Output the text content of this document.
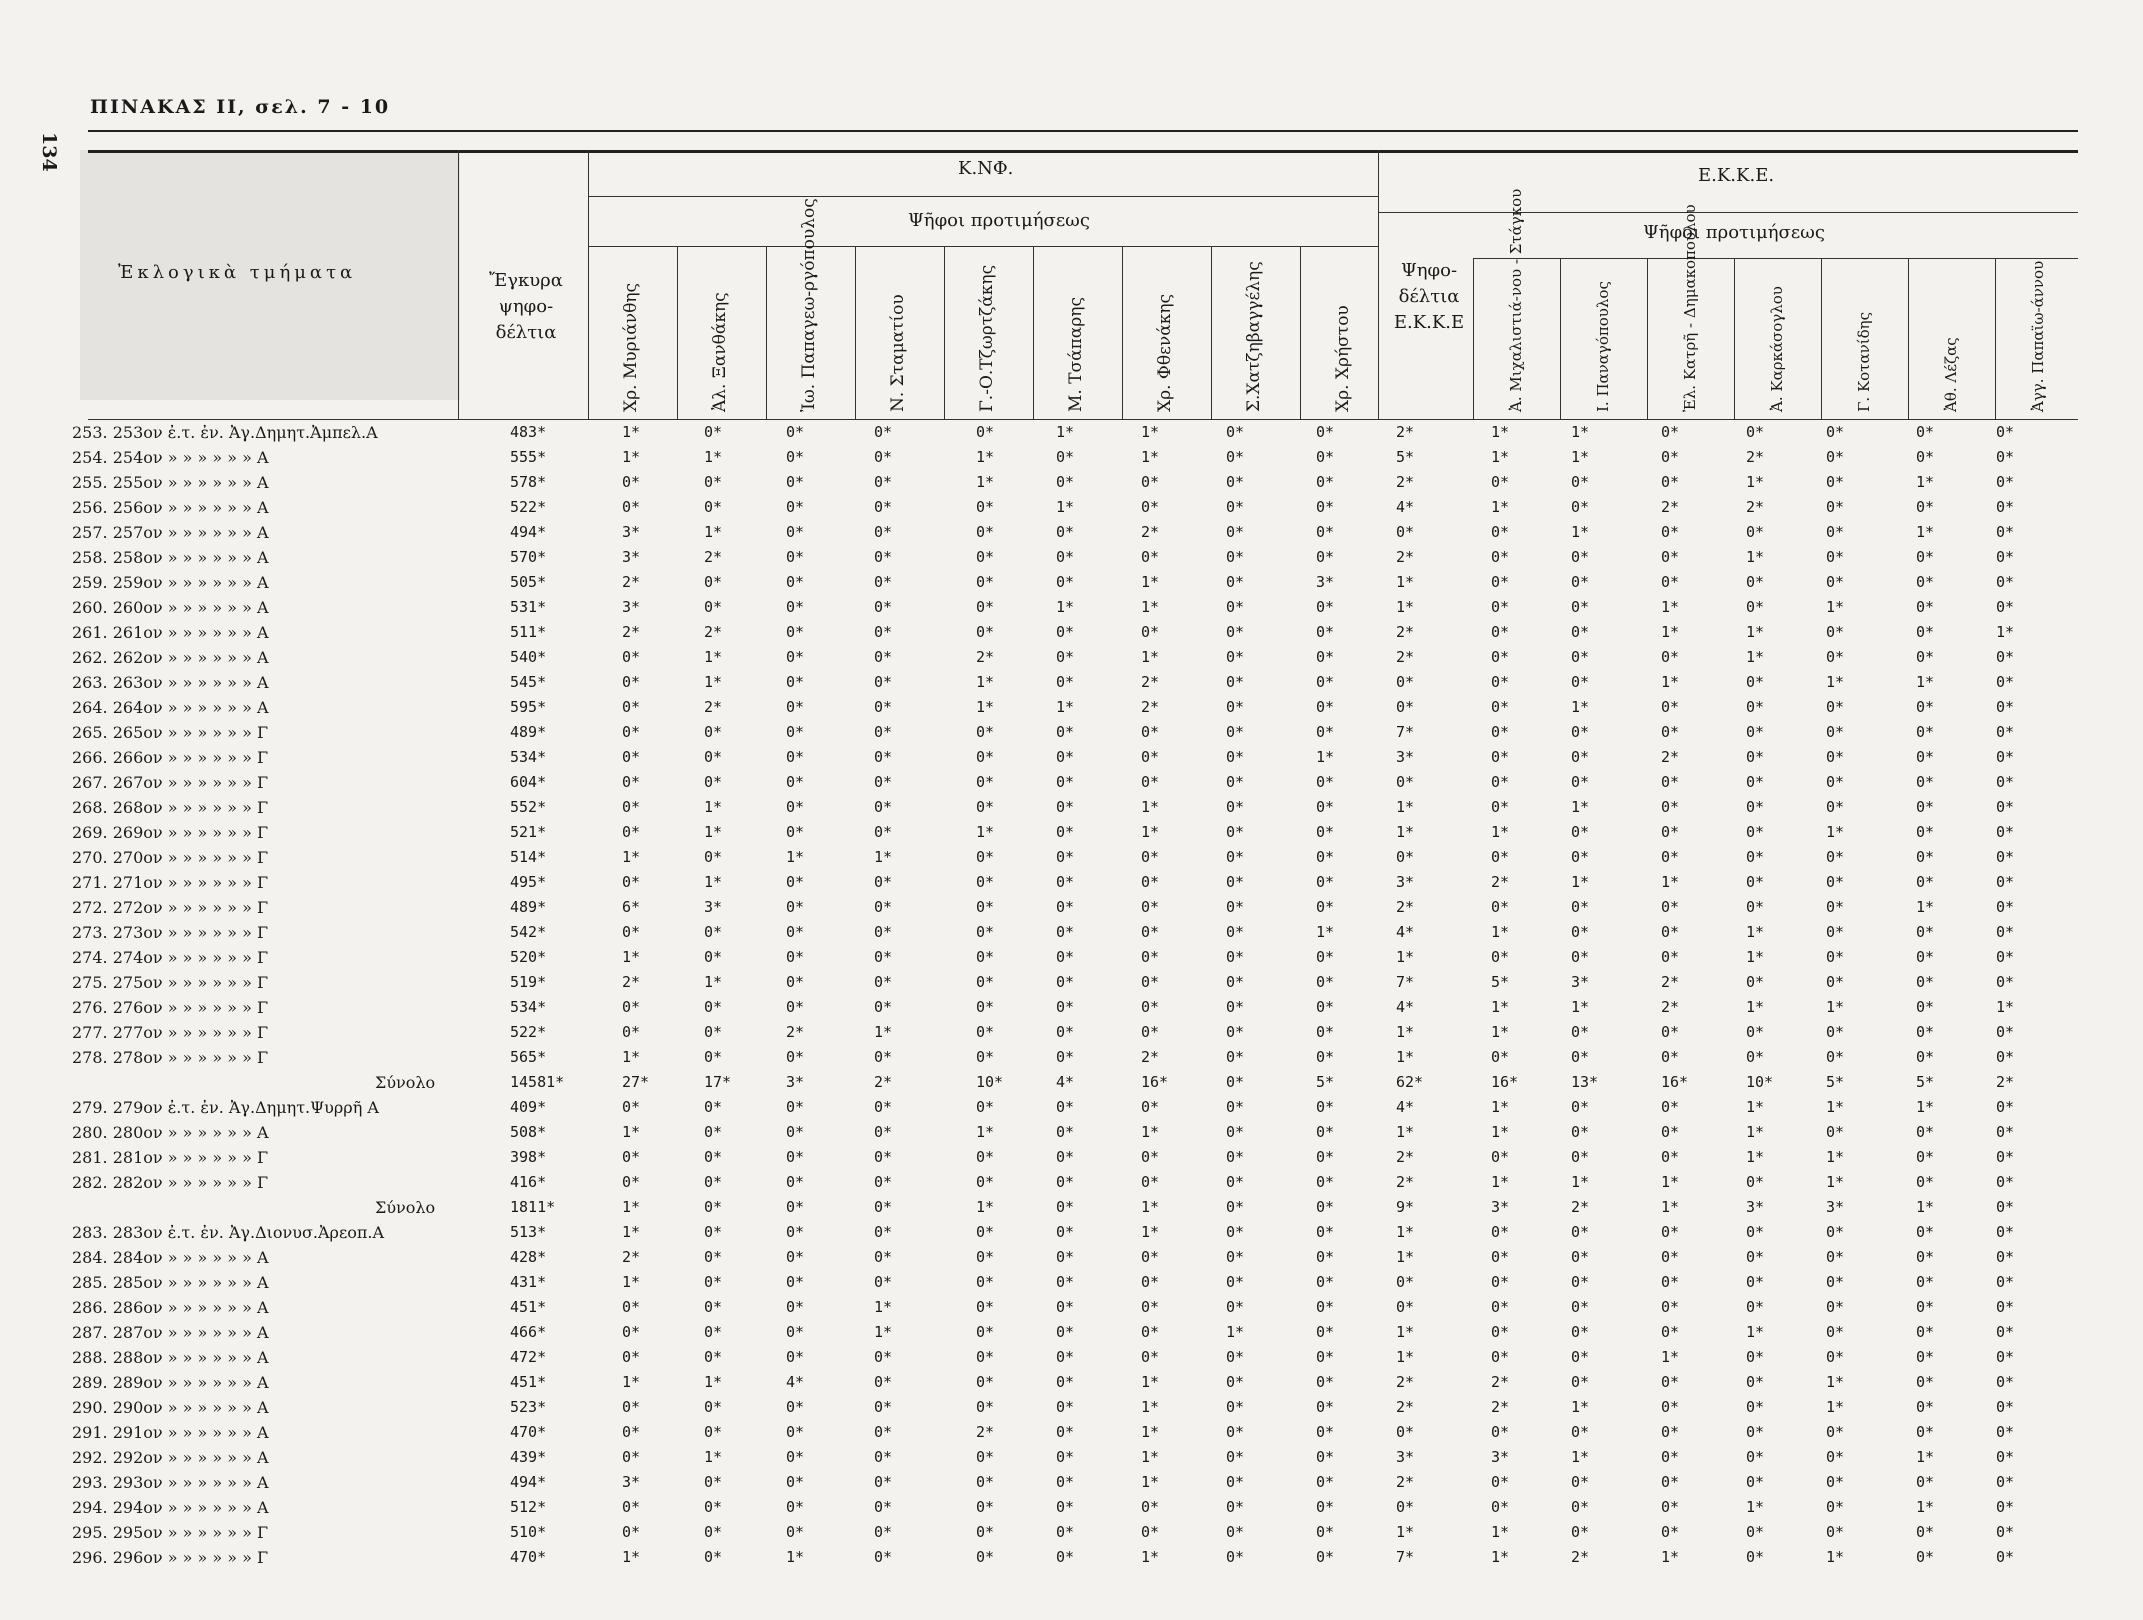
134
ΠΙΝΑΚΑΣ ΙΙ, σελ. 7 - 10
Ἐκλογικὰ τμήματα	Ἔγκυρα ψηφο-δέλτια
Κ.ΝΦ.
Ψῆφοι προτιμήσεως
Ε.Κ.Κ.Ε.
Ψῆφοι προτιμήσεως
Ψηφο-δέλτια Ε.Κ.Κ.Ε
Χρ. Μυριάνθης	Ἀλ. Ξανθάκης	Ἰω. Παπαγεω-ργόπουλος	Ν. Σταματίου	Γ.-Ο.Τζωρτζάκης	Μ. Τσάπαρης	Χρ. Φθενάκης	Σ.Χατζηβαγγέλης	Χρ. Χρήστου	Ἀ. Μιχαλιστιά-νου - Στάγκου	Ι. Παναγόπουλος	Ἐλ. Κατρῆ - Δημακοπούλου	Ἀ. Καρκάσογλου	Γ. Κοτανίδης	Ἀθ. Λέζας	Ἀγγ. Παπαϊω-άννου
253. 253ον ἐ.τ. ἐν. Ἀγ.Δημητ.Ἀμπελ.Α	483*	1*	0*	0*	0*	0*	1*	1*	0*	0*	2*	1*	1*	0*	0*	0*	0*	0*
254. 254ον » » » » » » Α	555*	1*	1*	0*	0*	1*	0*	1*	0*	0*	5*	1*	1*	0*	2*	0*	0*	0*
255. 255ον » » » » » » Α	578*	0*	0*	0*	0*	1*	0*	0*	0*	0*	2*	0*	0*	0*	1*	0*	1*	0*
256. 256ον » » » » » » Α	522*	0*	0*	0*	0*	0*	1*	0*	0*	0*	4*	1*	0*	2*	2*	0*	0*	0*
257. 257ον » » » » » » Α	494*	3*	1*	0*	0*	0*	0*	2*	0*	0*	0*	0*	1*	0*	0*	0*	1*	0*
258. 258ον » » » » » » Α	570*	3*	2*	0*	0*	0*	0*	0*	0*	0*	2*	0*	0*	0*	1*	0*	0*	0*
259. 259ον » » » » » » Α	505*	2*	0*	0*	0*	0*	0*	1*	0*	3*	1*	0*	0*	0*	0*	0*	0*	0*
260. 260ον » » » » » » Α	531*	3*	0*	0*	0*	0*	1*	1*	0*	0*	1*	0*	0*	1*	0*	1*	0*	0*
261. 261ον » » » » » » Α	511*	2*	2*	0*	0*	0*	0*	0*	0*	0*	2*	0*	0*	1*	1*	0*	0*	1*
262. 262ον » » » » » » Α	540*	0*	1*	0*	0*	2*	0*	1*	0*	0*	2*	0*	0*	0*	1*	0*	0*	0*
263. 263ον » » » » » » Α	545*	0*	1*	0*	0*	1*	0*	2*	0*	0*	0*	0*	0*	1*	0*	1*	1*	0*
264. 264ον » » » » » » Α	595*	0*	2*	0*	0*	1*	1*	2*	0*	0*	0*	0*	1*	0*	0*	0*	0*	0*
265. 265ον » » » » » » Γ	489*	0*	0*	0*	0*	0*	0*	0*	0*	0*	7*	0*	0*	0*	0*	0*	0*	0*
266. 266ον » » » » » » Γ	534*	0*	0*	0*	0*	0*	0*	0*	0*	1*	3*	0*	0*	2*	0*	0*	0*	0*
267. 267ον » » » » » » Γ	604*	0*	0*	0*	0*	0*	0*	0*	0*	0*	0*	0*	0*	0*	0*	0*	0*	0*
268. 268ον » » » » » » Γ	552*	0*	1*	0*	0*	0*	0*	1*	0*	0*	1*	0*	1*	0*	0*	0*	0*	0*
269. 269ον » » » » » » Γ	521*	0*	1*	0*	0*	1*	0*	1*	0*	0*	1*	1*	0*	0*	0*	1*	0*	0*
270. 270ον » » » » » » Γ	514*	1*	0*	1*	1*	0*	0*	0*	0*	0*	0*	0*	0*	0*	0*	0*	0*	0*
271. 271ον » » » » » » Γ	495*	0*	1*	0*	0*	0*	0*	0*	0*	0*	3*	2*	1*	1*	0*	0*	0*	0*
272. 272ον » » » » » » Γ	489*	6*	3*	0*	0*	0*	0*	0*	0*	0*	2*	0*	0*	0*	0*	0*	1*	0*
273. 273ον » » » » » » Γ	542*	0*	0*	0*	0*	0*	0*	0*	0*	1*	4*	1*	0*	0*	1*	0*	0*	0*
274. 274ον » » » » » » Γ	520*	1*	0*	0*	0*	0*	0*	0*	0*	0*	1*	0*	0*	0*	1*	0*	0*	0*
275. 275ον » » » » » » Γ	519*	2*	1*	0*	0*	0*	0*	0*	0*	0*	7*	5*	3*	2*	0*	0*	0*	0*
276. 276ον » » » » » » Γ	534*	0*	0*	0*	0*	0*	0*	0*	0*	0*	4*	1*	1*	2*	1*	1*	0*	1*
277. 277ον » » » » » » Γ	522*	0*	0*	2*	1*	0*	0*	0*	0*	0*	1*	1*	0*	0*	0*	0*	0*	0*
278. 278ον » » » » » » Γ	565*	1*	0*	0*	0*	0*	0*	2*	0*	0*	1*	0*	0*	0*	0*	0*	0*	0*
Σύνολο	14581*	27*	17*	3*	2*	10*	4*	16*	0*	5*	62*	16*	13*	16*	10*	5*	5*	2*
279. 279ον ἐ.τ. ἐν. Ἀγ.Δημητ.Ψυρρῆ Α	409*	0*	0*	0*	0*	0*	0*	0*	0*	0*	4*	1*	0*	0*	1*	1*	1*	0*
280. 280ον » » » » » » Α	508*	1*	0*	0*	0*	1*	0*	1*	0*	0*	1*	1*	0*	0*	1*	0*	0*	0*
281. 281ον » » » » » » Γ	398*	0*	0*	0*	0*	0*	0*	0*	0*	0*	2*	0*	0*	0*	1*	1*	0*	0*
282. 282ον » » » » » » Γ	416*	0*	0*	0*	0*	0*	0*	0*	0*	0*	2*	1*	1*	1*	0*	1*	0*	0*
Σύνολο	1811*	1*	0*	0*	0*	1*	0*	1*	0*	0*	9*	3*	2*	1*	3*	3*	1*	0*
283. 283ον ἐ.τ. ἐν. Ἀγ.Διονυσ.Ἀρεοπ.Α	513*	1*	0*	0*	0*	0*	0*	1*	0*	0*	1*	0*	0*	0*	0*	0*	0*	0*
284. 284ον » » » » » » Α	428*	2*	0*	0*	0*	0*	0*	0*	0*	0*	1*	0*	0*	0*	0*	0*	0*	0*
285. 285ον » » » » » » Α	431*	1*	0*	0*	0*	0*	0*	0*	0*	0*	0*	0*	0*	0*	0*	0*	0*	0*
286. 286ον » » » » » » Α	451*	0*	0*	0*	1*	0*	0*	0*	0*	0*	0*	0*	0*	0*	0*	0*	0*	0*
287. 287ον » » » » » » Α	466*	0*	0*	0*	1*	0*	0*	0*	1*	0*	1*	0*	0*	0*	1*	0*	0*	0*
288. 288ον » » » » » » Α	472*	0*	0*	0*	0*	0*	0*	0*	0*	0*	1*	0*	0*	1*	0*	0*	0*	0*
289. 289ον » » » » » » Α	451*	1*	1*	4*	0*	0*	0*	1*	0*	0*	2*	2*	0*	0*	0*	1*	0*	0*
290. 290ον » » » » » » Α	523*	0*	0*	0*	0*	0*	0*	1*	0*	0*	2*	2*	1*	0*	0*	1*	0*	0*
291. 291ον » » » » » » Α	470*	0*	0*	0*	0*	2*	0*	1*	0*	0*	0*	0*	0*	0*	0*	0*	0*	0*
292. 292ον » » » » » » Α	439*	0*	1*	0*	0*	0*	0*	1*	0*	0*	3*	3*	1*	0*	0*	0*	1*	0*
293. 293ον » » » » » » Α	494*	3*	0*	0*	0*	0*	0*	1*	0*	0*	2*	0*	0*	0*	0*	0*	0*	0*
294. 294ον » » » » » » Α	512*	0*	0*	0*	0*	0*	0*	0*	0*	0*	0*	0*	0*	0*	1*	0*	1*	0*
295. 295ον » » » » » » Γ	510*	0*	0*	0*	0*	0*	0*	0*	0*	0*	1*	1*	0*	0*	0*	0*	0*	0*
296. 296ον » » » » » » Γ	470*	1*	0*	1*	0*	0*	0*	1*	0*	0*	7*	1*	2*	1*	0*	1*	0*	0*
